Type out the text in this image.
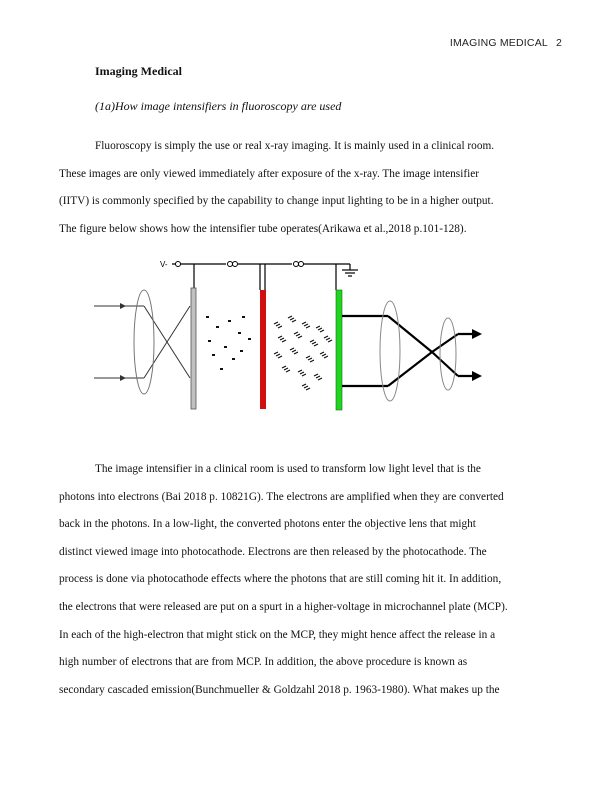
IMAGING MEDICAL 2
Imaging Medical
(1a)How image intensifiers in fluoroscopy are used
Fluoroscopy is simply the use or real x-ray imaging. It is mainly used in a clinical room.
These images are only viewed immediately after exposure of the x-ray. The image intensifier
(IITV) is commonly specified by the capability to change input lighting to be in a higher output.
The figure below shows how the intensifier tube operates(Arikawa et al.,2018 p.101-128).
V-
The image intensifier in a clinical room is used to transform low light level that is the
photons into electrons (Bai 2018 p. 10821G). The electrons are amplified when they are converted
back in the photons. In a low-light, the converted photons enter the objective lens that might
distinct viewed image into photocathode. Electrons are then released by the photocathode. The
process is done via photocathode effects where the photons that are still coming hit it. In addition,
the electrons that were released are put on a spurt in a higher-voltage in microchannel plate (MCP).
In each of the high-electron that might stick on the MCP, they might hence affect the release in a
high number of electrons that are from MCP. In addition, the above procedure is known as
secondary cascaded emission(Bunchmueller & Goldzahl 2018 p. 1963-1980). What makes up the
